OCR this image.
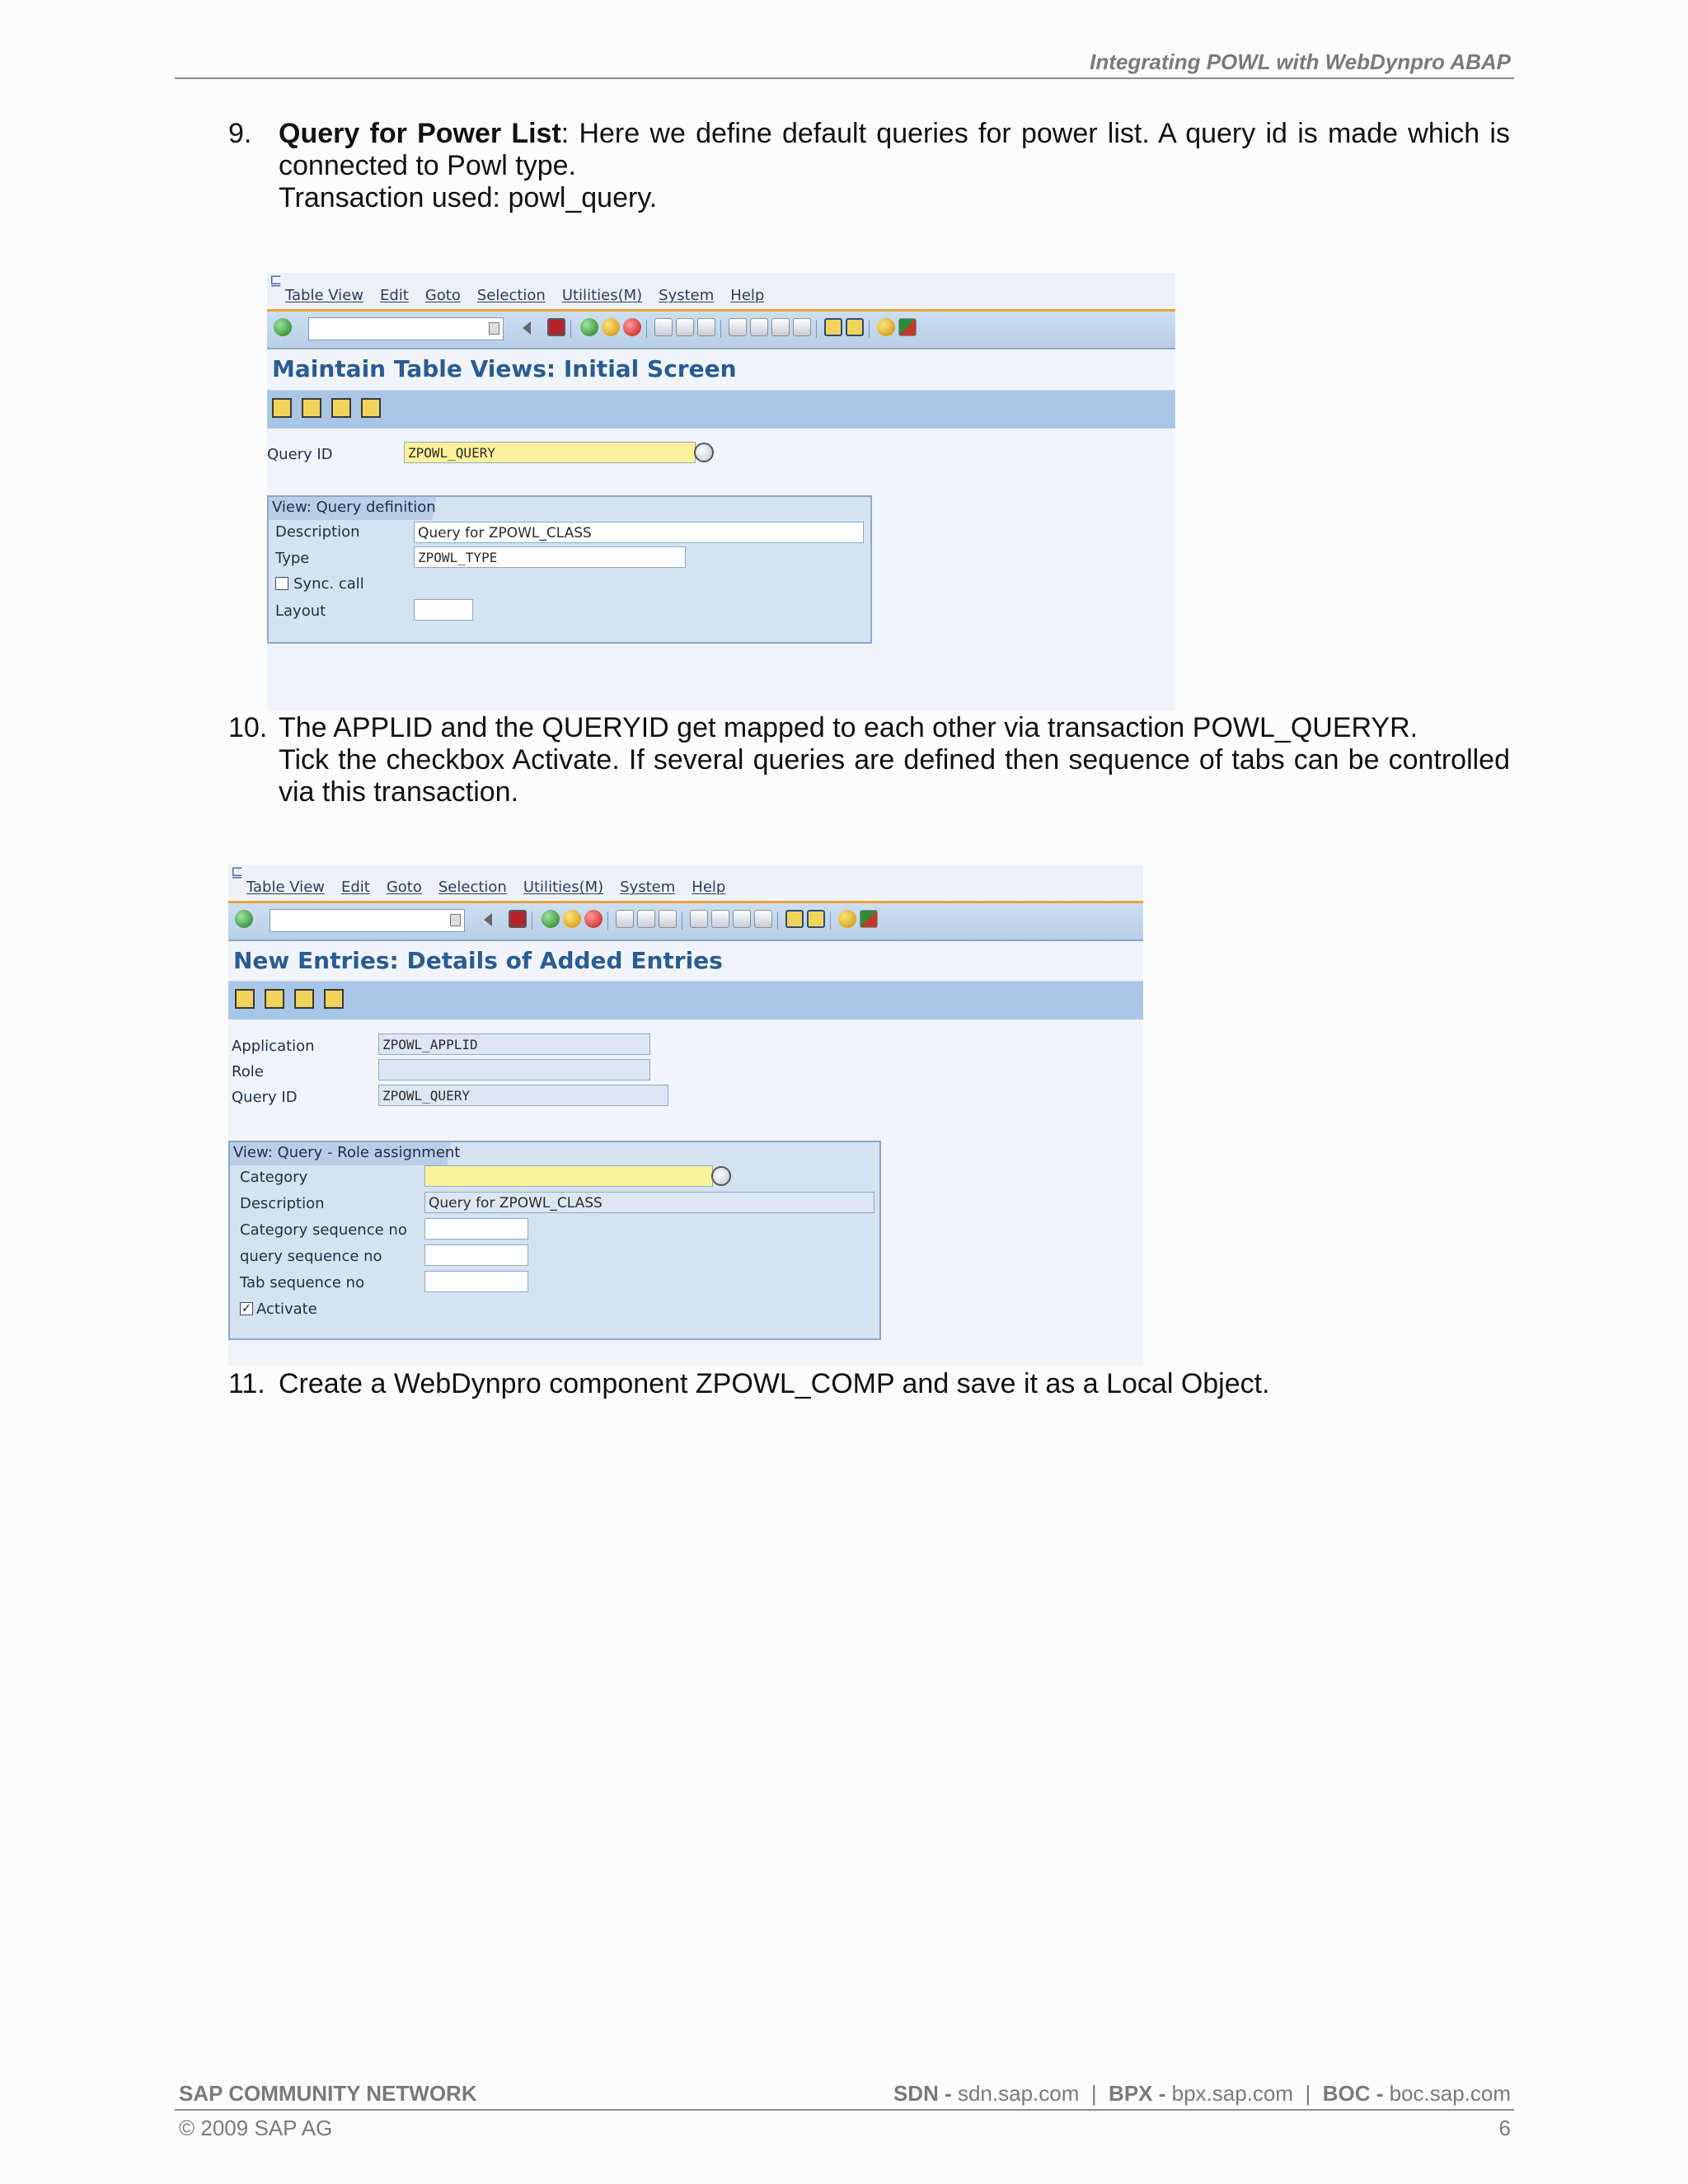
Integrating POWL with WebDynpro ABAP
9. Query for Power List: Here we define default queries for power list. A query id is made which is
connected to Powl type.
Transaction used: powl_query.
⊑
Table View Edit Goto Selection Utilities(M) System Help
Maintain Table Views: Initial Screen
Query ID	ZPOWL_QUERY
View: Query definition
Description	Query for ZPOWL_CLASS
Type	ZPOWL_TYPE
Sync. call
Layout
10. The APPLID and the QUERYID get mapped to each other via transaction POWL_QUERYR.
Tick the checkbox Activate. If several queries are defined then sequence of tabs can be controlled
via this transaction.
⊑
Table View Edit Goto Selection Utilities(M) System Help
New Entries: Details of Added Entries
Application	ZPOWL_APPLID
Role
Query ID	ZPOWL_QUERY
View: Query - Role assignment
Category
Description	Query for ZPOWL_CLASS
Category sequence no
query sequence no
Tab sequence no
✓ Activate
11. Create a WebDynpro component ZPOWL_COMP and save it as a Local Object.
SAP COMMUNITY NETWORK	SDN - sdn.sap.com | BPX - bpx.sap.com | BOC - boc.sap.com
© 2009 SAP AG	6
